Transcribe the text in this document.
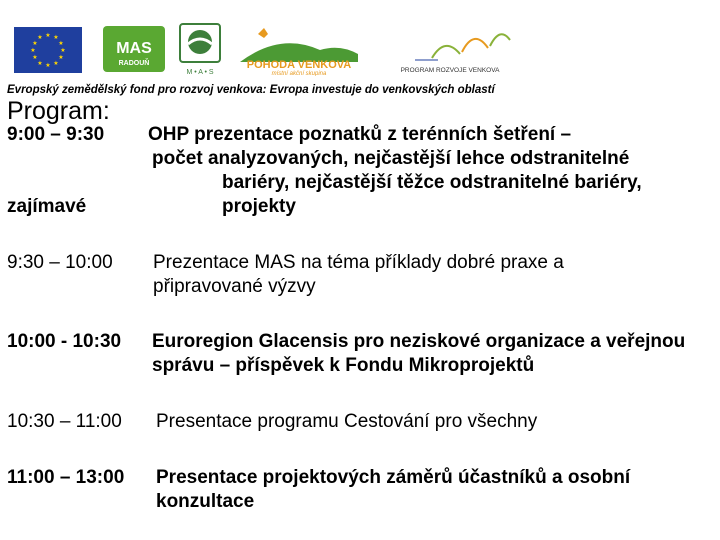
★ ★
★
★
★
★
★
★
★
★
★
★
MAS
RADOUŇ
M • A • S
POHODA VENKOVA
místní akční skupina	PROGRAM ROZVOJE VENKOVA
Evropský zemědělský fond pro rozvoj venkova: Evropa investuje do venkovských oblastí
Program:
9:00 – 9:30 OHP prezentace poznatků z terénních šetření –
počet analyzovaných, nejčastější lehce odstranitelné
bariéry, nejčastější těžce odstranitelné bariéry,
zajímavé	projekty
9:30 – 10:00 Prezentace MAS na téma příklady dobré praxe a
připravované výzvy
10:00 - 10:30 Euroregion Glacensis pro neziskové organizace a veřejnou
správu – příspěvek k Fondu Mikroprojektů
10:30 – 11:00 Presentace programu Cestování pro všechny
11:00 – 13:00 Presentace projektových záměrů účastníků a osobní
konzultace
